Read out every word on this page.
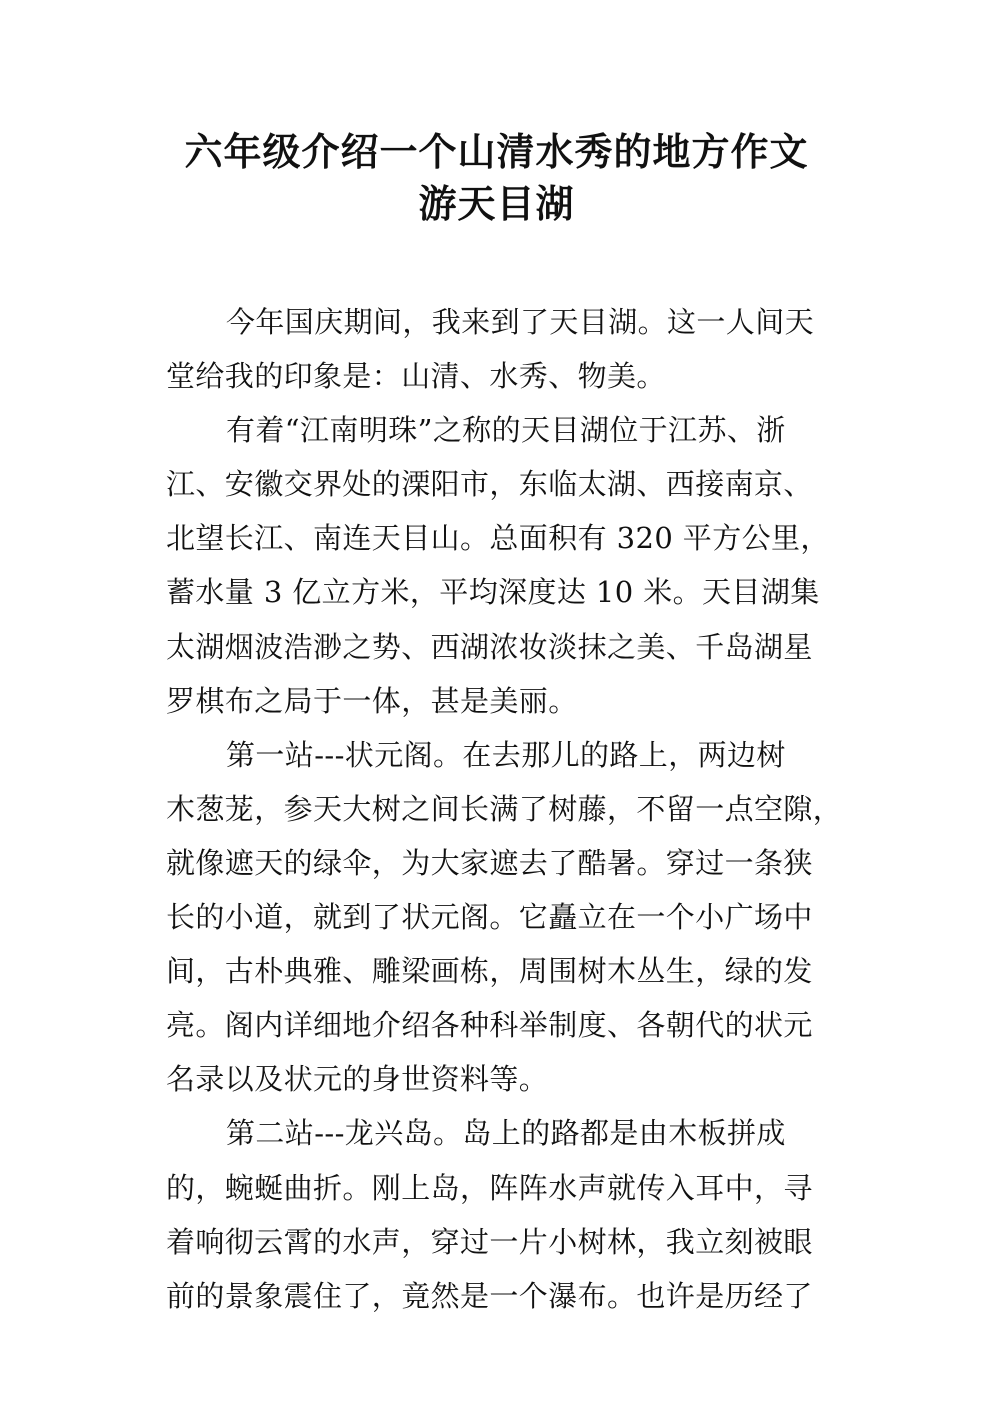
六年级介绍一个山清水秀的地方作文
游天目湖
今年国庆期间，我来到了天目湖。这一人间天
堂给我的印象是：山清、水秀、物美。
有着“江南明珠”之称的天目湖位于江苏、浙
江、安徽交界处的溧阳市，东临太湖、西接南京、
北望长江、南连天目山。总面积有 320 平方公里，
蓄水量 3 亿立方米，平均深度达 10 米。天目湖集
太湖烟波浩渺之势、西湖浓妆淡抹之美、千岛湖星
罗棋布之局于一体，甚是美丽。
第一站---状元阁。在去那儿的路上，两边树
木葱茏，参天大树之间长满了树藤，不留一点空隙，
就像遮天的绿伞，为大家遮去了酷暑。穿过一条狭
长的小道，就到了状元阁。它矗立在一个小广场中
间，古朴典雅、雕梁画栋，周围树木丛生，绿的发
亮。阁内详细地介绍各种科举制度、各朝代的状元
名录以及状元的身世资料等。
第二站---龙兴岛。岛上的路都是由木板拼成
的，蜿蜒曲折。刚上岛，阵阵水声就传入耳中，寻
着响彻云霄的水声，穿过一片小树林，我立刻被眼
前的景象震住了，竟然是一个瀑布。也许是历经了
